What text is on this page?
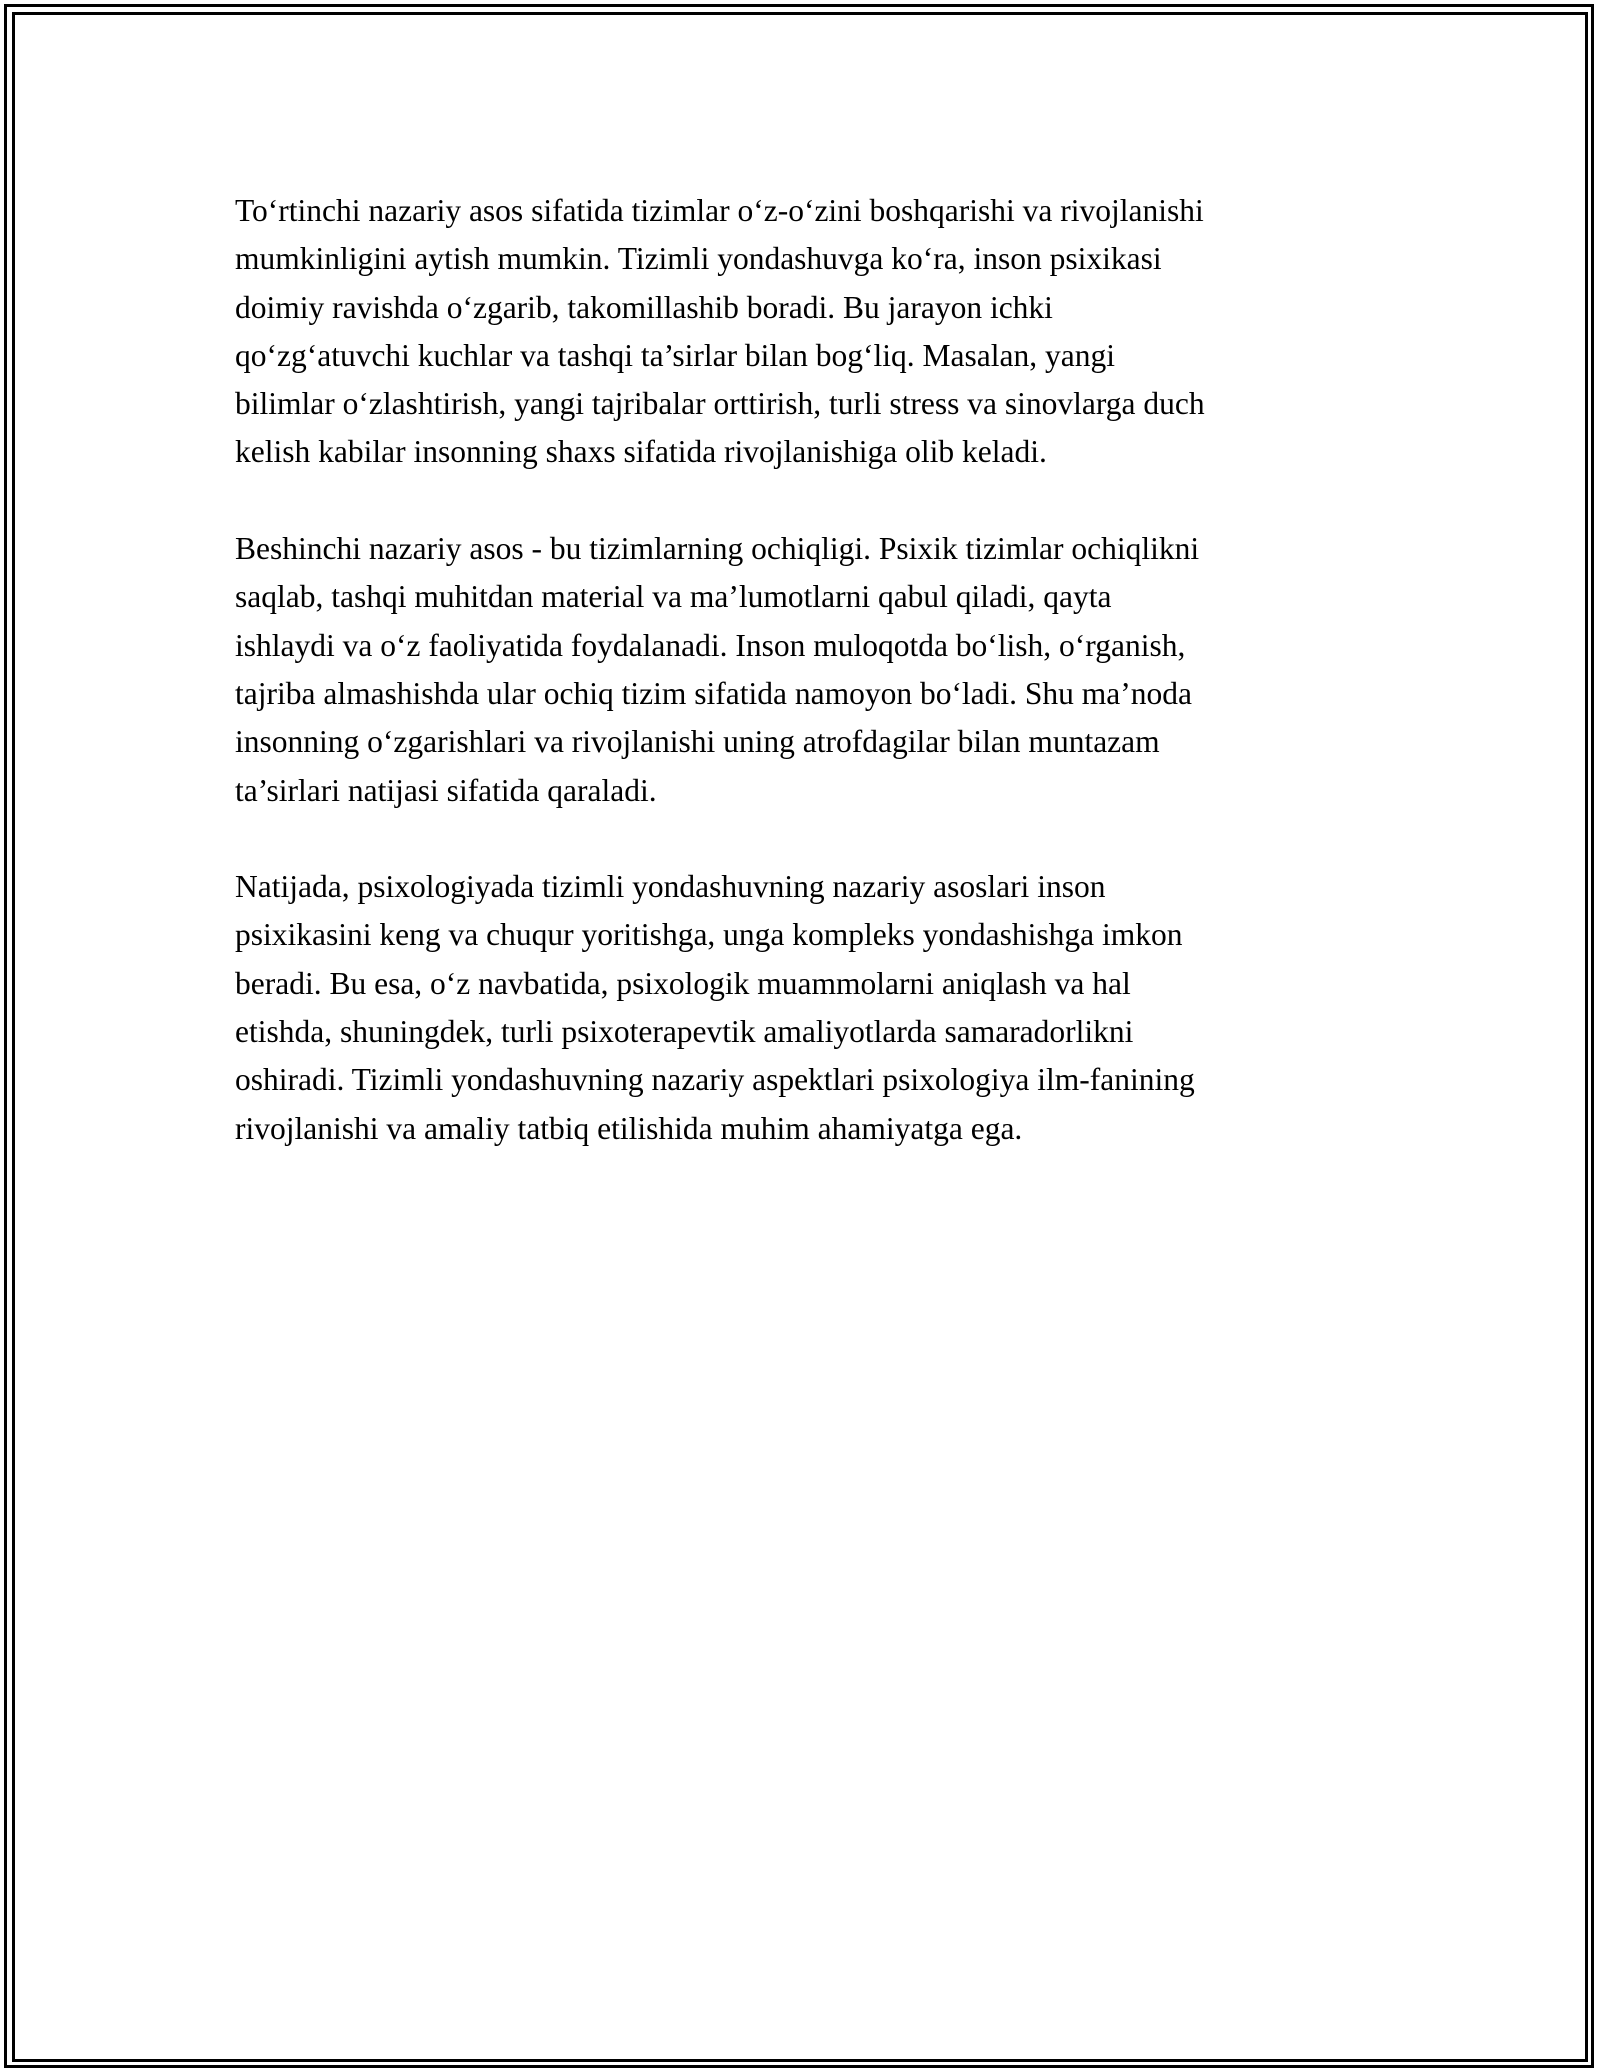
To‘rtinchi nazariy asos sifatida tizimlar o‘z-o‘zini boshqarishi va rivojlanishi
mumkinligini aytish mumkin. Tizimli yondashuvga ko‘ra, inson psixikasi
doimiy ravishda o‘zgarib, takomillashib boradi. Bu jarayon ichki
qo‘zg‘atuvchi kuchlar va tashqi ta’sirlar bilan bog‘liq. Masalan, yangi
bilimlar o‘zlashtirish, yangi tajribalar orttirish, turli stress va sinovlarga duch
kelish kabilar insonning shaxs sifatida rivojlanishiga olib keladi.

Beshinchi nazariy asos - bu tizimlarning ochiqligi. Psixik tizimlar ochiqlikni
saqlab, tashqi muhitdan material va ma’lumotlarni qabul qiladi, qayta
ishlaydi va o‘z faoliyatida foydalanadi. Inson muloqotda bo‘lish, o‘rganish,
tajriba almashishda ular ochiq tizim sifatida namoyon bo‘ladi. Shu ma’noda
insonning o‘zgarishlari va rivojlanishi uning atrofdagilar bilan muntazam
ta’sirlari natijasi sifatida qaraladi.

Natijada, psixologiyada tizimli yondashuvning nazariy asoslari inson
psixikasini keng va chuqur yoritishga, unga kompleks yondashishga imkon
beradi. Bu esa, o‘z navbatida, psixologik muammolarni aniqlash va hal
etishda, shuningdek, turli psixoterapevtik amaliyotlarda samaradorlikni
oshiradi. Tizimli yondashuvning nazariy aspektlari psixologiya ilm-fanining
rivojlanishi va amaliy tatbiq etilishida muhim ahamiyatga ega.
